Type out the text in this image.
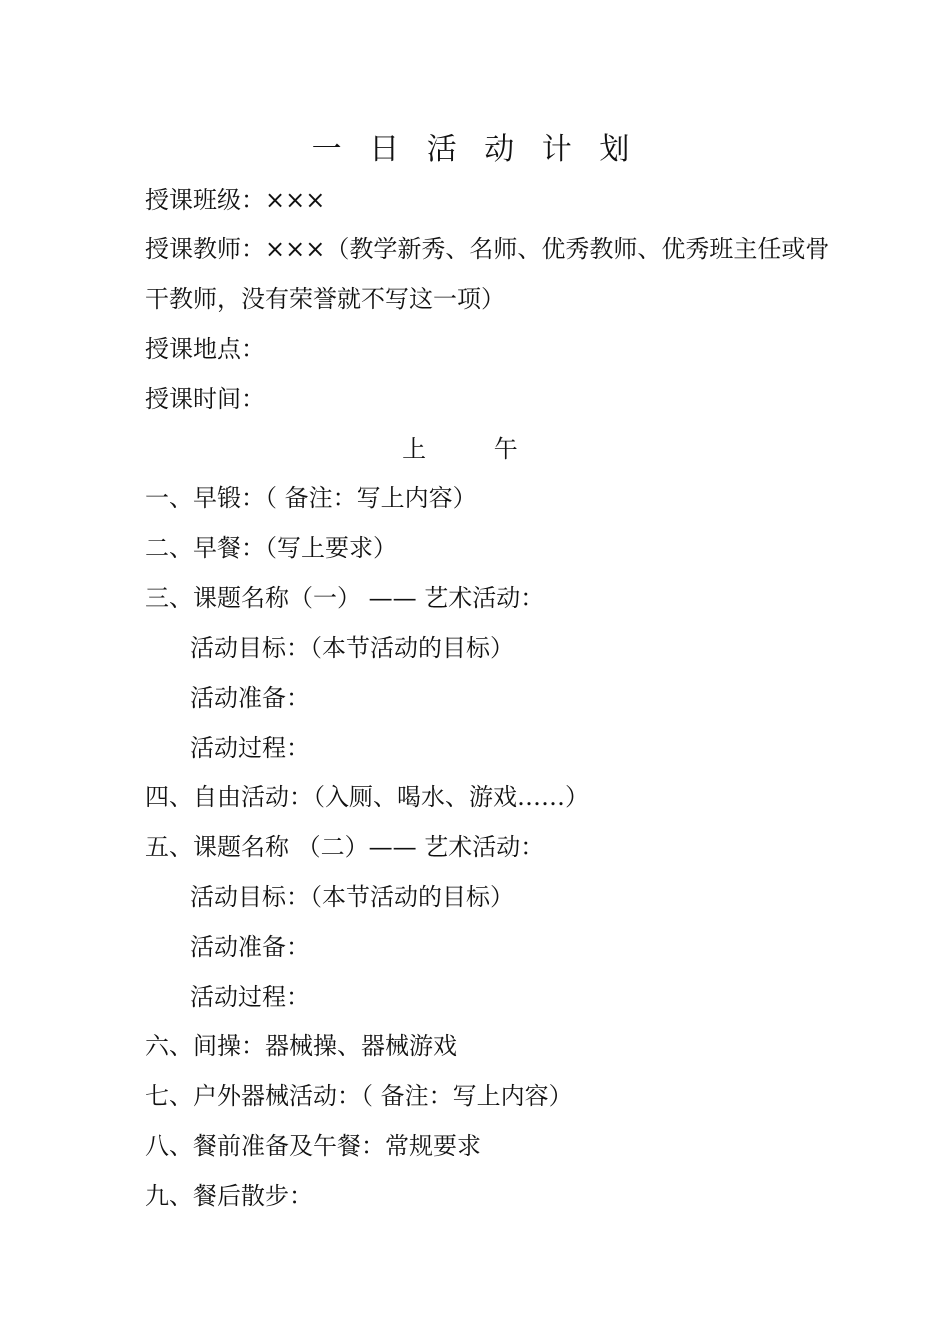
一 日 活 动 计 划
授课班级：×××
授课教师：×××（教学新秀、名师、优秀教师、优秀班主任或骨
干教师，没有荣誉就不写这一项）
授课地点：
授课时间：
上 午
一、早锻：（ 备注：写上内容）
二、早餐：（写上要求）
三、课题名称（一） —— 艺术活动：
活动目标：（本节活动的目标）
活动准备：
活动过程：
四、自由活动：（入厕、喝水、游戏……）
五、课题名称 （二）—— 艺术活动：
活动目标：（本节活动的目标）
活动准备：
活动过程：
六、间操：器械操、器械游戏
七、户外器械活动：（ 备注：写上内容）
八、餐前准备及午餐：常规要求
九、餐后散步：
